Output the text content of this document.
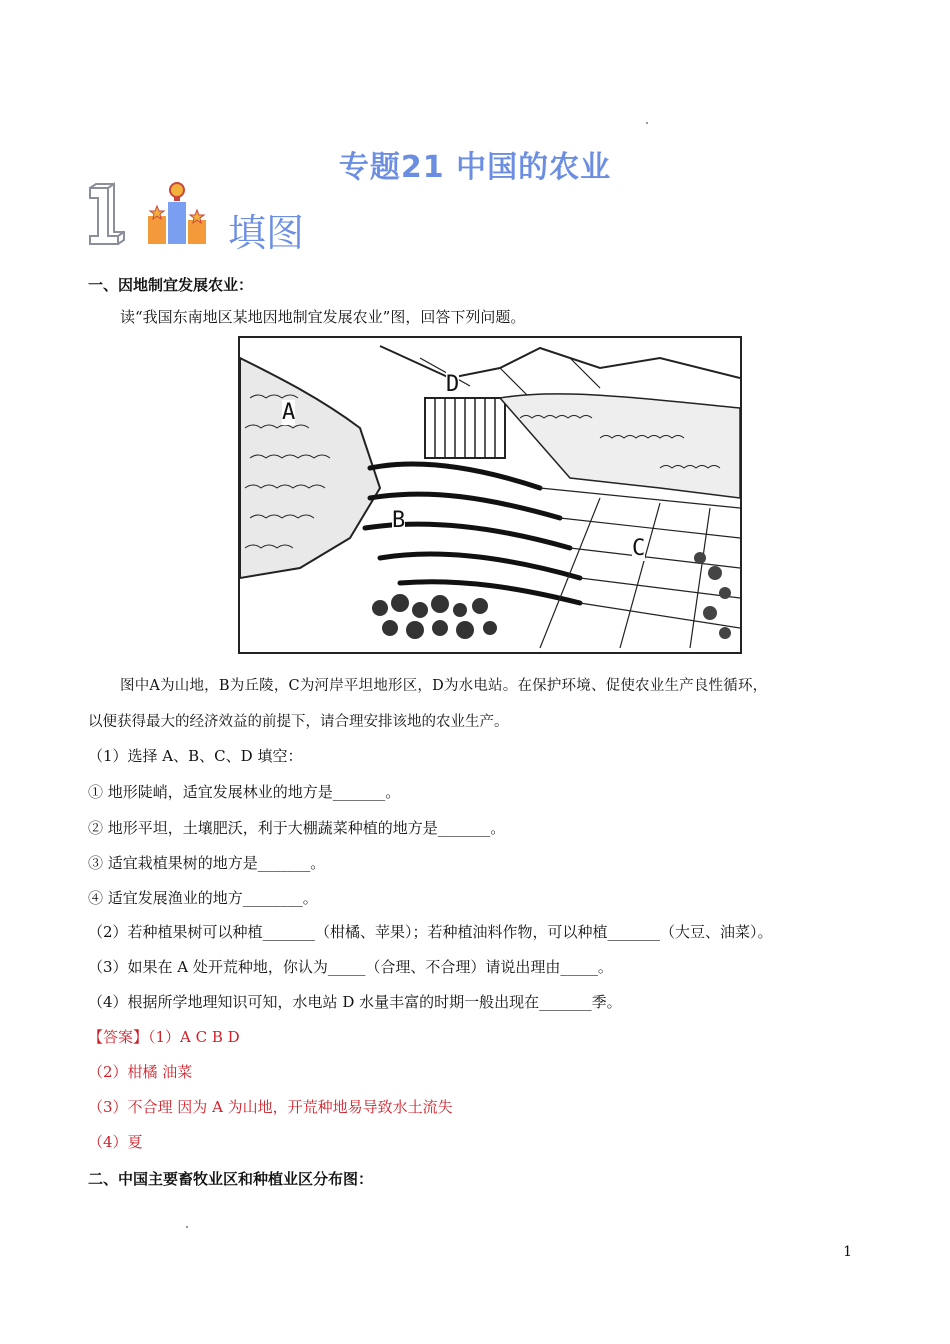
专题21 中国的农业
填图
一、因地制宜发展农业：
读“我国东南地区某地因地制宜发展农业”图，回答下列问题。
A
B
C
D
图中A为山地，B为丘陵，C为河岸平坦地形区，D为水电站。在保护环境、促使农业生产良性循环，
以便获得最大的经济效益的前提下，请合理安排该地的农业生产。
（1）选择 A、B、C、D 填空：
① 地形陡峭，适宜发展林业的地方是_______。
② 地形平坦，土壤肥沃，利于大棚蔬菜种植的地方是_______。
③ 适宜栽植果树的地方是_______。
④ 适宜发展渔业的地方________。
（2）若种植果树可以种植_______（柑橘、苹果）；若种植油料作物，可以种植_______（大豆、油菜）。
（3）如果在 A 处开荒种地，你认为_____（合理、不合理）请说出理由_____。
（4）根据所学地理知识可知，水电站 D 水量丰富的时期一般出现在_______季。
【答案】（1）A C B D
（2）柑橘 油菜
（3）不合理 因为 A 为山地，开荒种地易导致水土流失
（4）夏
二、中国主要畜牧业区和种植业区分布图：
1
